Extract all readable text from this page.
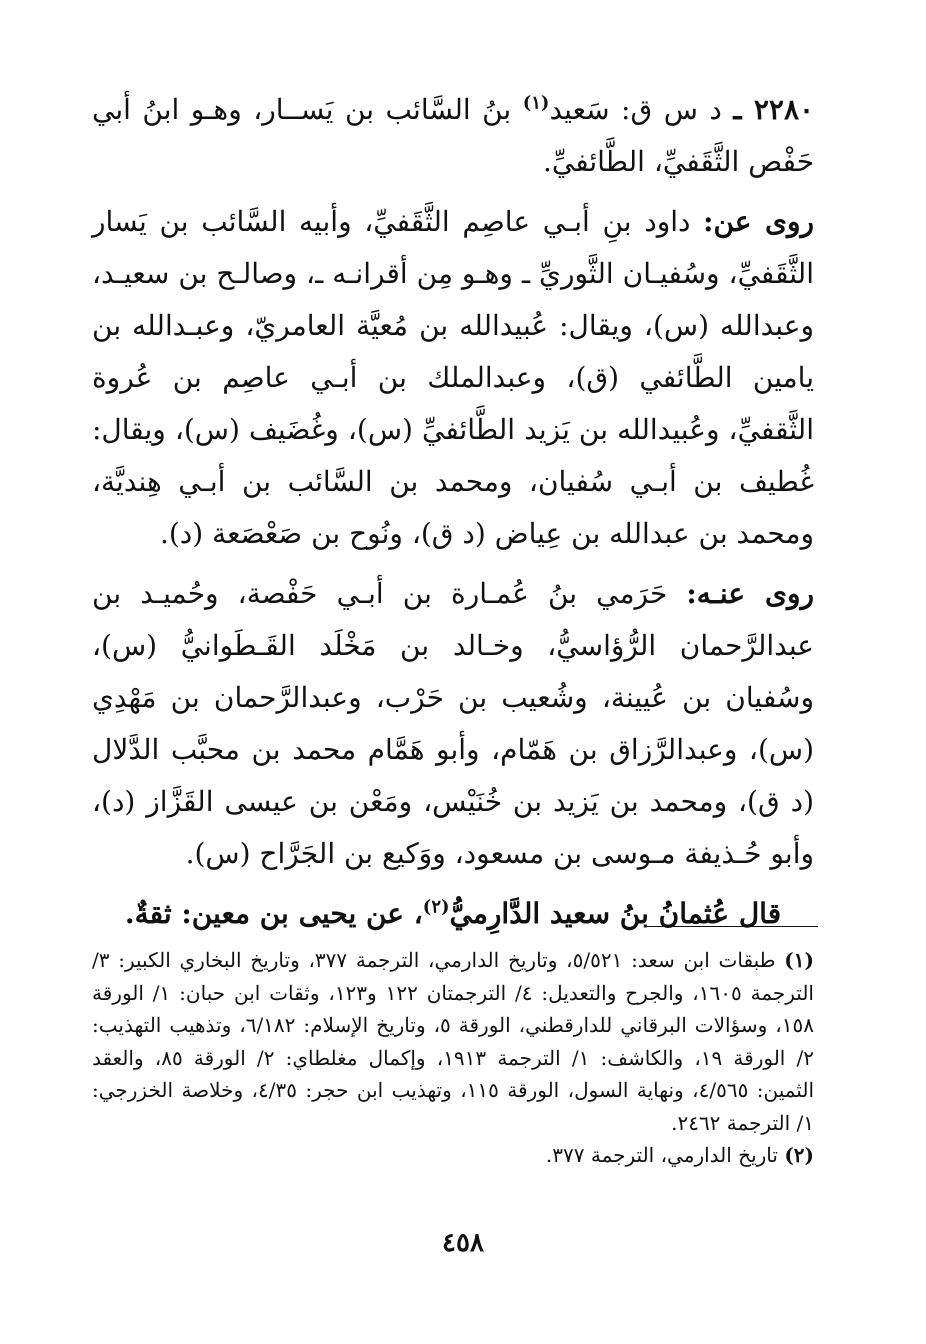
٢٢٨٠ ـ د س ق: سَعيد$^{(١)}$ بنُ السَّائب بن يَســار، وهـو ابنُ أبي حَفْص الثَّقَفيِّ، الطَّائفيِّ.

روى عن: داود بنِ أبـي عاصِم الثَّقَفيِّ، وأبيه السَّائب بن يَسار الثَّقَفيِّ، وسُفيـان الثَّوريِّ ـ وهـو مِن أقرانـه ـ، وصالـح بن سعيـد، وعبدالله (س)، ويقال: عُبيدالله بن مُعيَّة العامريّ، وعبـدالله بن يامين الطَّائفي (ق)، وعبدالملك بن أبـي عاصِم بن عُروة الثَّقفيِّ، وعُبيدالله بن يَزيد الطَّائفيِّ (س)، وغُضَيف (س)، ويقال: غُطيف بن أبـي سُفيان، ومحمد بن السَّائب بن أبـي هِنديَّة، ومحمد بن عبدالله بن عِياض (د ق)، ونُوح بن صَعْصَعة (د).

روى عنـه: حَرَمي بنُ عُمـارة بن أبـي حَفْصة، وحُميـد بن عبدالرَّحمان الرُّؤاسيُّ، وخـالد بن مَخْلَد القَـطَوانيُّ (س)، وسُفيان بن عُيينة، وشُعيب بن حَرْب، وعبدالرَّحمان بن مَهْدِي (س)، وعبدالرَّزاق بن هَمّام، وأبو هَمَّام محمد بن محبَّب الدَّلال (د ق)، ومحمد بن يَزيد بن خُنَيْس، ومَعْن بن عيسى القَزَّاز (د)، وأبو حُـذيفة مـوسى بن مسعود، ووَكيع بن الجَرَّاح (س).

قال عُثمانُ بنُ سعيد الدَّارِميُّ$^{(٢)}$، عن يحيى بن معين: ثقةٌ.

(١) طبقات ابن سعد: ٥/٥٢١، وتاريخ الدارمي، الترجمة ٣٧٧، وتاريخ البخاري الكبير: ٣/ الترجمة ١٦٠٥، والجرح والتعديل: ٤/ الترجمتان ١٢٢ و١٢٣، وثقات ابن حبان: ١/ الورقة ١٥٨، وسؤالات البرقاني للدارقطني، الورقة ٥، وتاريخ الإسلام: ٦/١٨٢، وتذهيب التهذيب: ٢/ الورقة ١٩، والكاشف: ١/ الترجمة ١٩١٣، وإكمال مغلطاي: ٢/ الورقة ٨٥، والعقد الثمين: ٤/٥٦٥، ونهاية السول، الورقة ١١٥، وتهذيب ابن حجر: ٤/٣٥، وخلاصة الخزرجي: ١/ الترجمة ٢٤٦٢.

(٢) تاريخ الدارمي، الترجمة ٣٧٧.

٤٥٨
